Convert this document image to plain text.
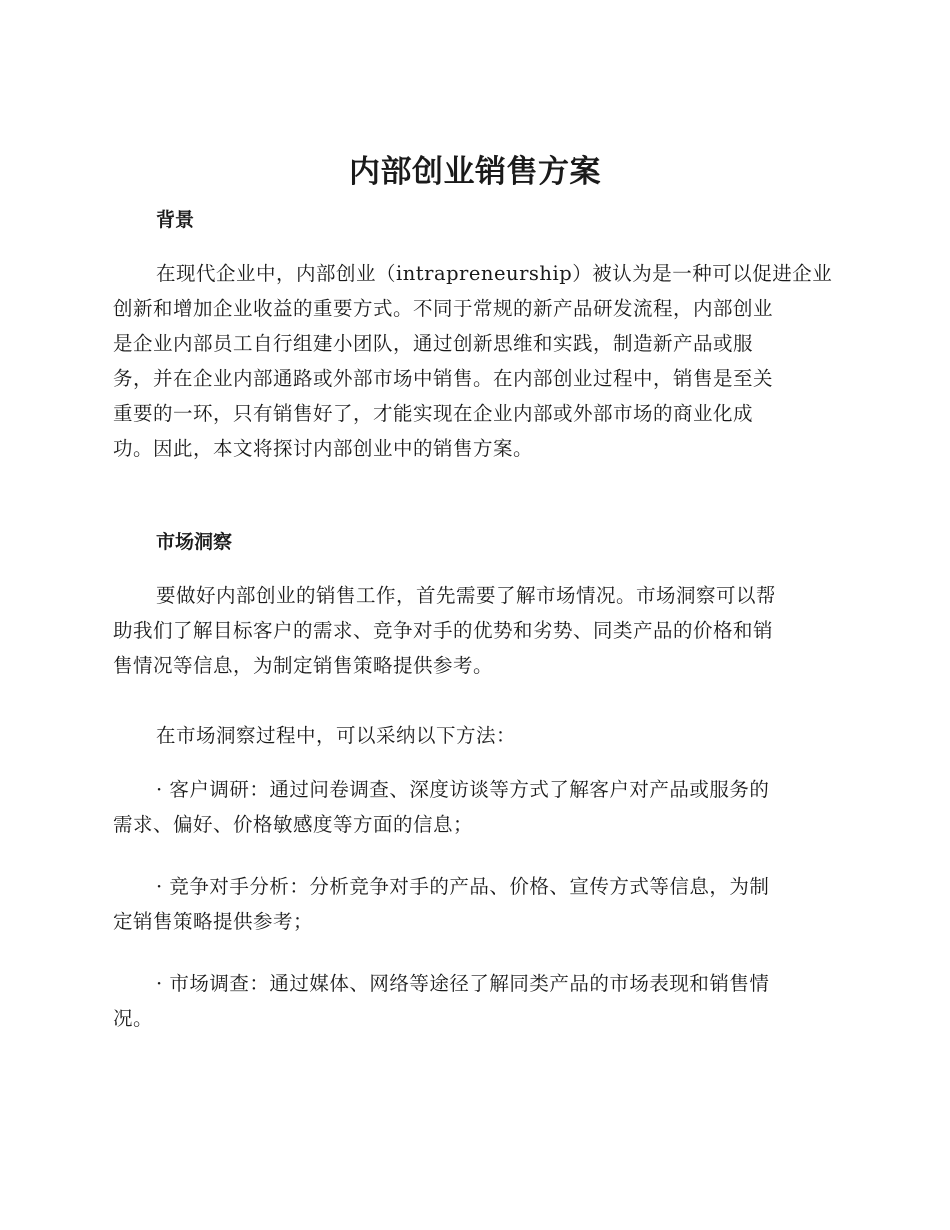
内部创业销售方案
背景

在现代企业中，内部创业（intrapreneurship）被认为是一种可以促进企业
创新和增加企业收益的重要方式。不同于常规的新产品研发流程，内部创业
是企业内部员工自行组建小团队，通过创新思维和实践，制造新产品或服
务，并在企业内部通路或外部市场中销售。在内部创业过程中，销售是至关
重要的一环，只有销售好了，才能实现在企业内部或外部市场的商业化成
功。因此，本文将探讨内部创业中的销售方案。

市场洞察

要做好内部创业的销售工作，首先需要了解市场情况。市场洞察可以帮
助我们了解目标客户的需求、竞争对手的优势和劣势、同类产品的价格和销
售情况等信息，为制定销售策略提供参考。

在市场洞察过程中，可以采纳以下方法：

· 客户调研：通过问卷调查、深度访谈等方式了解客户对产品或服务的
需求、偏好、价格敏感度等方面的信息；

· 竞争对手分析：分析竞争对手的产品、价格、宣传方式等信息，为制
定销售策略提供参考；

· 市场调查：通过媒体、网络等途径了解同类产品的市场表现和销售情
况。
